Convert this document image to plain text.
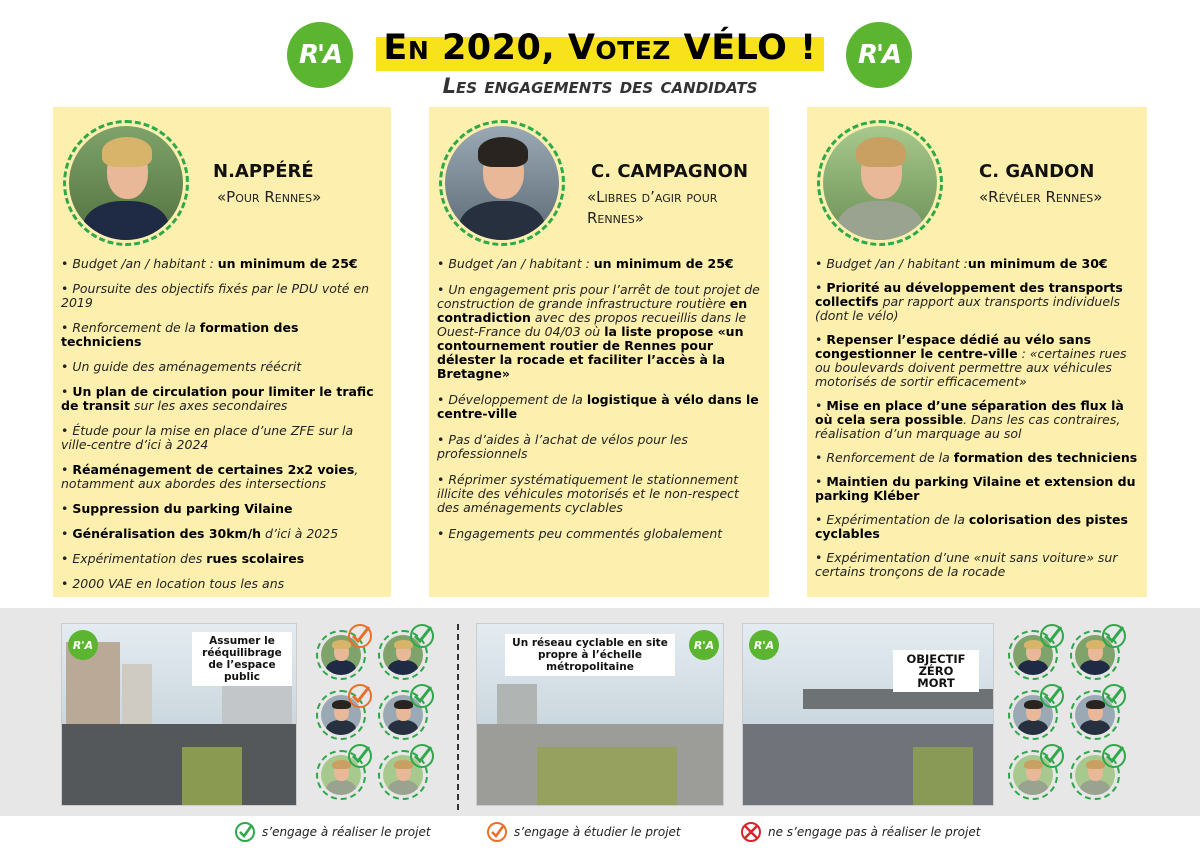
R'A	R'A
En 2020, Votez VÉLO !
Les engagements des candidats
N.APPÉRÉ
«Pour Rennes»
• Budget /an / habitant : un minimum de 25€
• Poursuite des objectifs fixés par le PDU voté en 2019
• Renforcement de la formation des techniciens
• Un guide des aménagements réécrit
• Un plan de circulation pour limiter le trafic de transit sur les axes secondaires
• Étude pour la mise en place d’une ZFE sur la ville-centre d’ici à 2024
• Réaménagement de certaines 2x2 voies, notamment aux abordes des intersections
• Suppression du parking Vilaine
• Généralisation des 30km/h d’ici à 2025
• Expérimentation des rues scolaires
• 2000 VAE en location tous les ans
C. CAMPAGNON
«Libres d’agir pour Rennes»
• Budget /an / habitant : un minimum de 25€
• Un engagement pris pour l’arrêt de tout projet de construction de grande infrastructure routière en contradiction avec des propos recueillis dans le Ouest-France du 04/03 où la liste propose «un contournement routier de Rennes pour délester la rocade et faciliter l’accès à la Bretagne»
• Développement de la logistique à vélo dans le centre-ville
• Pas d’aides à l’achat de vélos pour les professionnels
• Réprimer systématiquement le stationnement illicite des véhicules motorisés et le non-respect des aménagements cyclables
• Engagements peu commentés globalement
C. GANDON
«Révéler Rennes»
• Budget /an / habitant :un minimum de 30€
• Priorité au développement des transports collectifs par rapport aux transports individuels (dont le vélo)
• Repenser l’espace dédié au vélo sans congestionner le centre-ville : «certaines rues ou boulevards doivent permettre aux véhicules motorisés de sortir efficacement»
• Mise en place d’une séparation des flux là où cela sera possible. Dans les cas contraires, réalisation d’un marquage au sol
• Renforcement de la formation des techniciens
• Maintien du parking Vilaine et extension du parking Kléber
• Expérimentation de la colorisation des pistes cyclables
• Expérimentation d’une «nuit sans voiture» sur certains tronçons de la rocade
R'A	Assumer le rééquilibrage de l’espace public
R'A
Un réseau cyclable en site propre à l’échelle métropolitaine
R'A
OBJECTIF ZÉRO MORT
s’engage à réaliser le projet	s’engage à étudier le projet	ne s’engage pas à réaliser le projet
